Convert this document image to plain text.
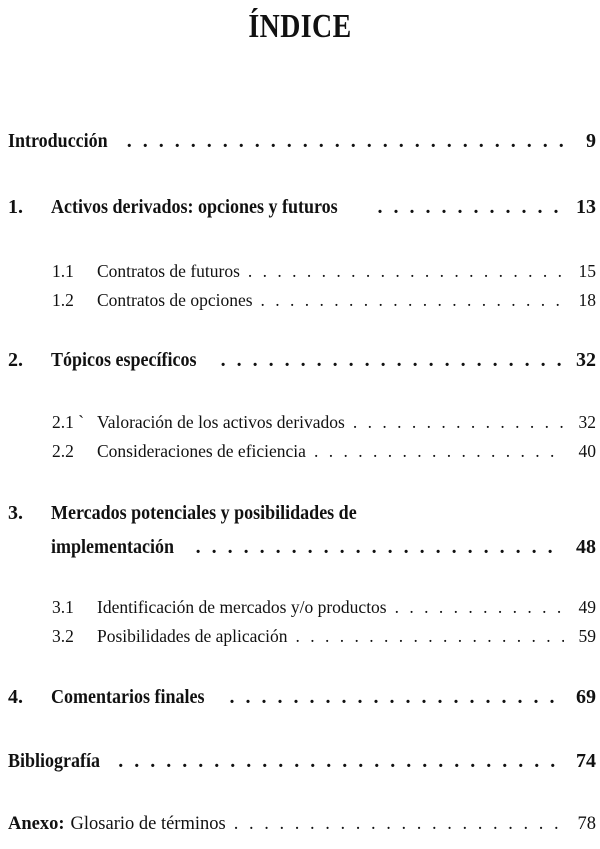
ÍNDICE
Introducción . . .	9
1.	Activos derivados: opciones y futuros . . .	13
1.1	Contratos de futuros . . .	15
1.2	Contratos de opciones . . .	18
2.	Tópicos específicos . . .	32
2.1 ` Valoración de los activos derivados . . .	32
2.2	Consideraciones de eficiencia . . .	40
3.	Mercados potenciales y posibilidades de
implementación . . .	48
3.1	Identificación de mercados y/o productos . . .	49
3.2	Posibilidades de aplicación . . .	59
4.	Comentarios finales . . .	69
Bibliografía . . .	74
Anexo: Glosario de términos . . .	78
